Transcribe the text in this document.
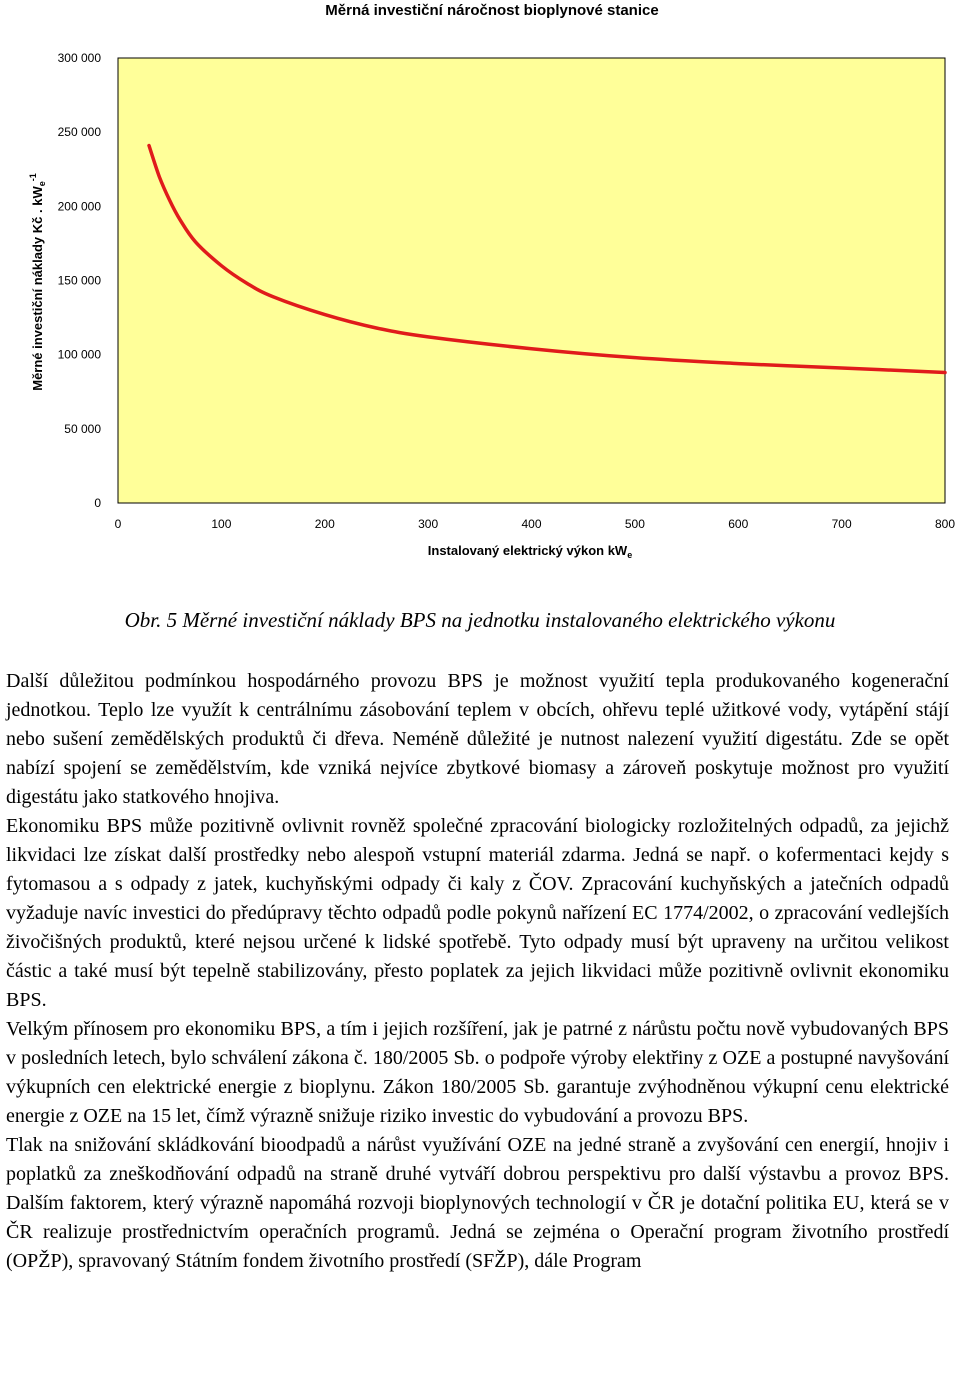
Měrná investiční náročnost bioplynové stanice
0
50 000
100 000
150 000
200 000
250 000
300 000
0	100	200	300	400	500	600	700	800
Instalovaný elektrický výkon $kW_e$
Měrné investiční náklady Kč . $kW_e^{-1}$
Obr. 5 Měrné investiční náklady BPS na jednotku instalovaného elektrického výkonu

Další důležitou podmínkou hospodárného provozu BPS je možnost využití tepla produkovaného kogenerační jednotkou. Teplo lze využít k centrálnímu zásobování teplem v obcích, ohřevu teplé užitkové vody, vytápění stájí nebo sušení zemědělských produktů či dřeva. Neméně důležité je nutnost nalezení využití digestátu. Zde se opět nabízí spojení se zemědělstvím, kde vzniká nejvíce zbytkové biomasy a zároveň poskytuje možnost pro využití digestátu jako statkového hnojiva.

Ekonomiku BPS může pozitivně ovlivnit rovněž společné zpracování biologicky rozložitelných odpadů, za jejichž likvidaci lze získat další prostředky nebo alespoň vstupní materiál zdarma. Jedná se např. o kofermentaci kejdy s fytomasou a s odpady z jatek, kuchyňskými odpady či kaly z ČOV. Zpracování kuchyňských a jatečních odpadů vyžaduje navíc investici do předúpravy těchto odpadů podle pokynů nařízení EC 1774/2002, o zpracování vedlejších živočišných produktů, které nejsou určené k lidské spotřebě. Tyto odpady musí být upraveny na určitou velikost částic a také musí být tepelně stabilizovány, přesto poplatek za jejich likvidaci může pozitivně ovlivnit ekonomiku BPS.

Velkým přínosem pro ekonomiku BPS, a tím i jejich rozšíření, jak je patrné z nárůstu počtu nově vybudovaných BPS v posledních letech, bylo schválení zákona č. 180/2005 Sb. o podpoře výroby elektřiny z OZE a postupné navyšování výkupních cen elektrické energie z bioplynu. Zákon 180/2005 Sb. garantuje zvýhodněnou výkupní cenu elektrické energie z OZE na 15 let, čímž výrazně snižuje riziko investic do vybudování a provozu BPS.

Tlak na snižování skládkování bioodpadů a nárůst využívání OZE na jedné straně a zvyšování cen energií, hnojiv i poplatků za zneškodňování odpadů na straně druhé vytváří dobrou perspektivu pro další výstavbu a provoz BPS. Dalším faktorem, který výrazně napomáhá rozvoji bioplynových technologií v ČR je dotační politika EU, která se v ČR realizuje prostřednictvím operačních programů. Jedná se zejména o Operační program životního prostředí (OPŽP), spravovaný Státním fondem životního prostředí (SFŽP), dále Program
